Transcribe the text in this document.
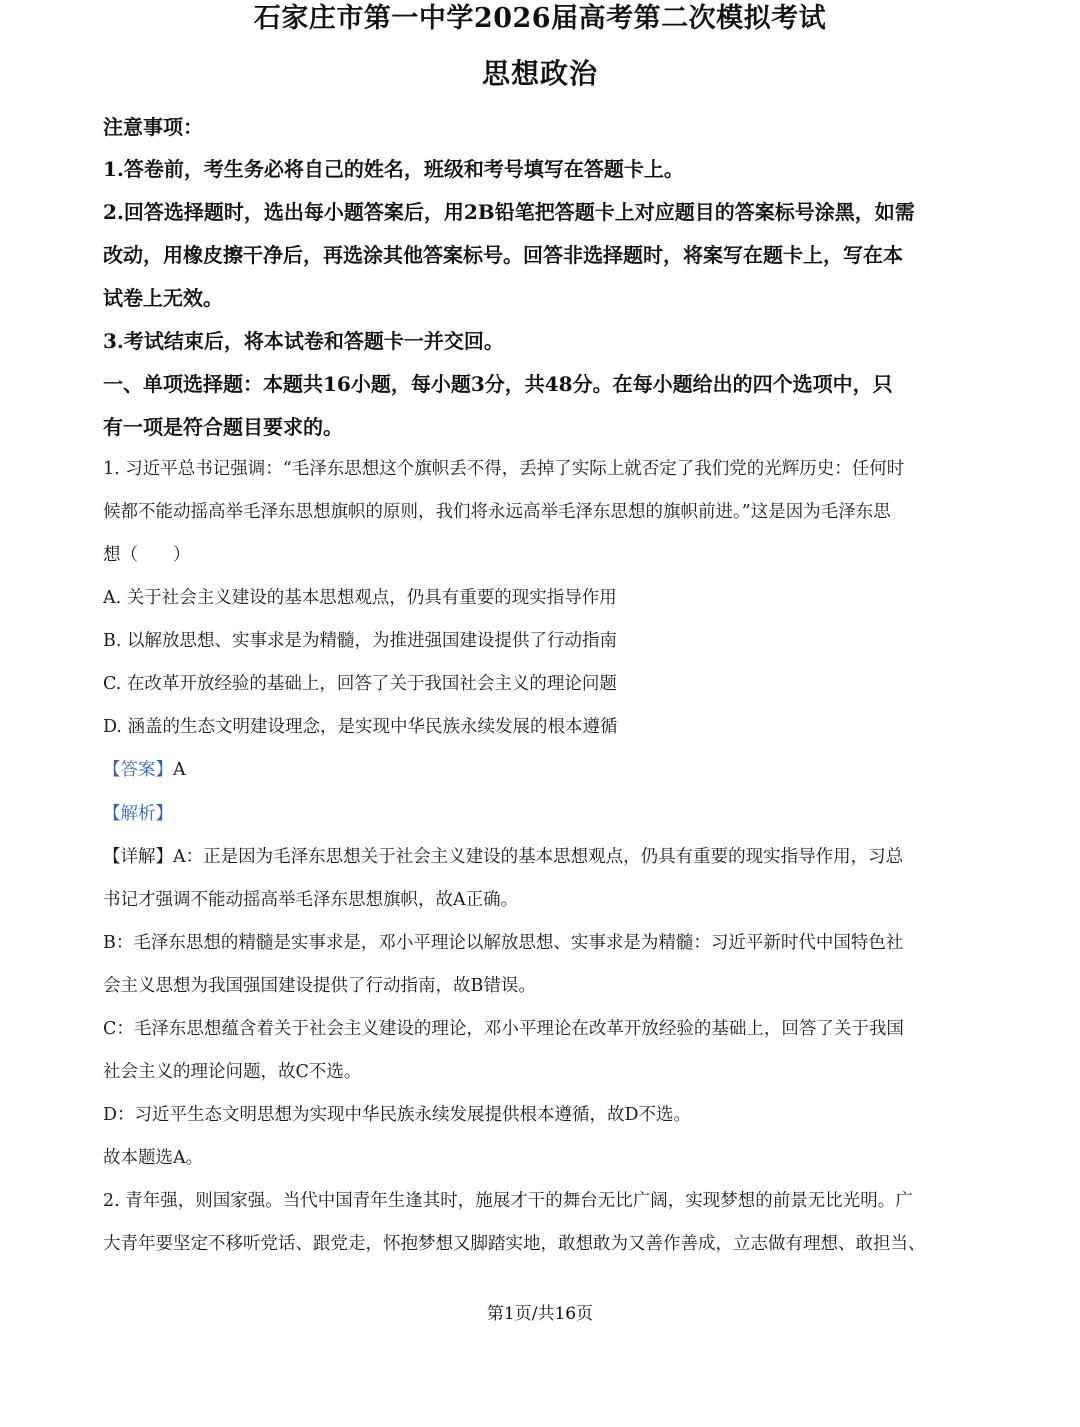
石家庄市第一中学2026届高考第二次模拟考试
思想政治
注意事项：
1.答卷前，考生务必将自己的姓名，班级和考号填写在答题卡上。
2.回答选择题时，选出每小题答案后，用2B铅笔把答题卡上对应题目的答案标号涂黑，如需
改动，用橡皮擦干净后，再选涂其他答案标号。回答非选择题时，将案写在题卡上，写在本
试卷上无效。
3.考试结束后，将本试卷和答题卡一并交回。
一、单项选择题：本题共16小题，每小题3分，共48分。在每小题给出的四个选项中，只
有一项是符合题目要求的。
1. 习近平总书记强调：“毛泽东思想这个旗帜丢不得，丢掉了实际上就否定了我们党的光辉历史：任何时
候都不能动摇高举毛泽东思想旗帜的原则，我们将永远高举毛泽东思想的旗帜前进。”这是因为毛泽东思
想（　　）
A. 关于社会主义建设的基本思想观点，仍具有重要的现实指导作用
B. 以解放思想、实事求是为精髓，为推进强国建设提供了行动指南
C. 在改革开放经验的基础上，回答了关于我国社会主义的理论问题
D. 涵盖的生态文明建设理念，是实现中华民族永续发展的根本遵循
【答案】A
【解析】
【详解】A：正是因为毛泽东思想关于社会主义建设的基本思想观点，仍具有重要的现实指导作用，习总
书记才强调不能动摇高举毛泽东思想旗帜，故A正确。
B：毛泽东思想的精髓是实事求是，邓小平理论以解放思想、实事求是为精髓：习近平新时代中国特色社
会主义思想为我国强国建设提供了行动指南，故B错误。
C：毛泽东思想蕴含着关于社会主义建设的理论，邓小平理论在改革开放经验的基础上，回答了关于我国
社会主义的理论问题，故C不选。
D：习近平生态文明思想为实现中华民族永续发展提供根本遵循，故D不选。
故本题选A。
2. 青年强，则国家强。当代中国青年生逢其时，施展才干的舞台无比广阔，实现梦想的前景无比光明。广
大青年要坚定不移听党话、跟党走，怀抱梦想又脚踏实地，敢想敢为又善作善成，立志做有理想、敢担当、
第1页/共16页
